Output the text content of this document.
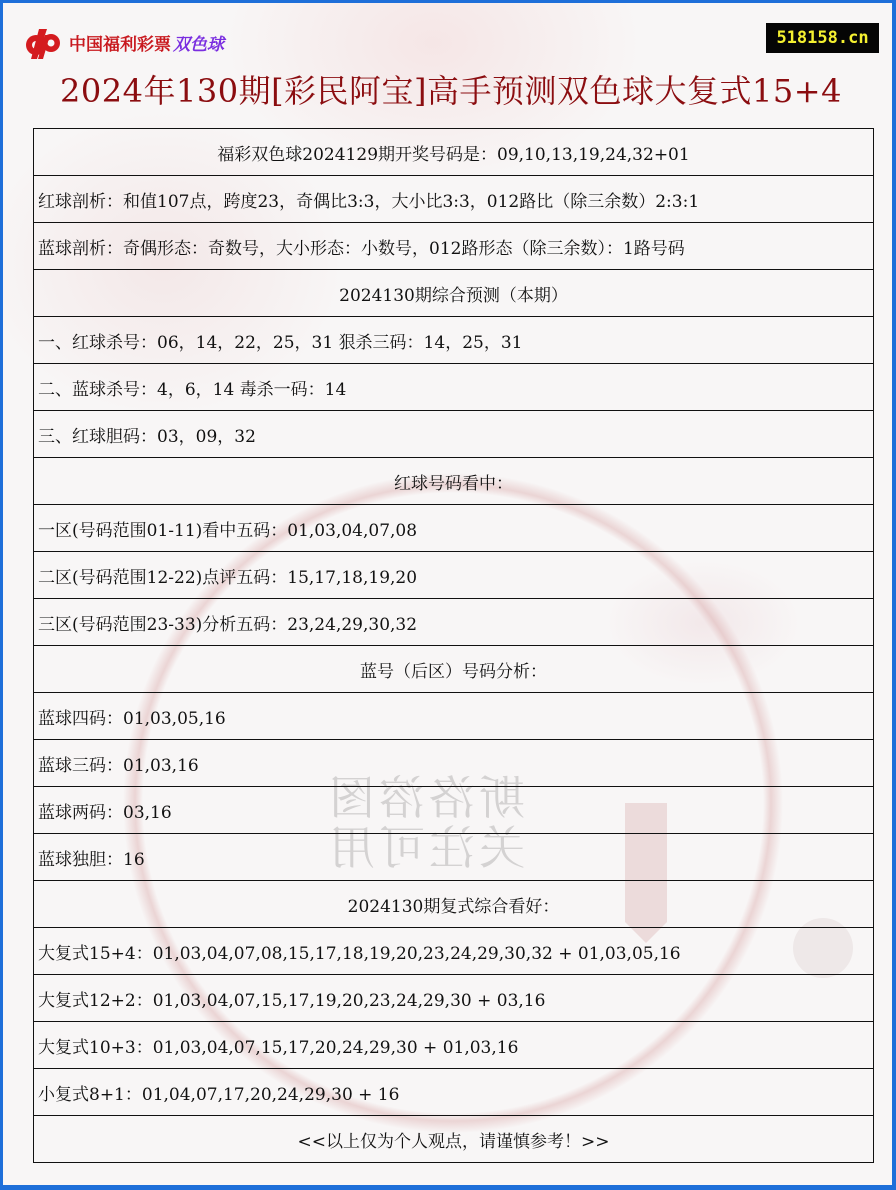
中国福利彩票 双色球	518158.cn
2024年130期[彩民阿宝]高手预测双色球大复式15+4
斯洛溶图
关注可用
福彩双色球2024129期开奖号码是：09,10,13,19,24,32+01
红球剖析：和值107点，跨度23，奇偶比3:3，大小比3:3，012路比（除三余数）2:3:1
蓝球剖析：奇偶形态：奇数号，大小形态：小数号，012路形态（除三余数）：1路号码
2024130期综合预测（本期）
一、红球杀号：06，14，22，25，31 狠杀三码：14，25，31
二、蓝球杀号：4，6，14 毒杀一码：14
三、红球胆码：03，09，32
红球号码看中：
一区(号码范围01-11)看中五码：01,03,04,07,08
二区(号码范围12-22)点评五码：15,17,18,19,20
三区(号码范围23-33)分析五码：23,24,29,30,32
蓝号（后区）号码分析：
蓝球四码：01,03,05,16
蓝球三码：01,03,16
蓝球两码：03,16
蓝球独胆：16
2024130期复式综合看好：
大复式15+4：01,03,04,07,08,15,17,18,19,20,23,24,29,30,32 + 01,03,05,16
大复式12+2：01,03,04,07,15,17,19,20,23,24,29,30 + 03,16
大复式10+3：01,03,04,07,15,17,20,24,29,30 + 01,03,16
小复式8+1：01,04,07,17,20,24,29,30 + 16
<<以上仅为个人观点，请谨慎参考！>>
